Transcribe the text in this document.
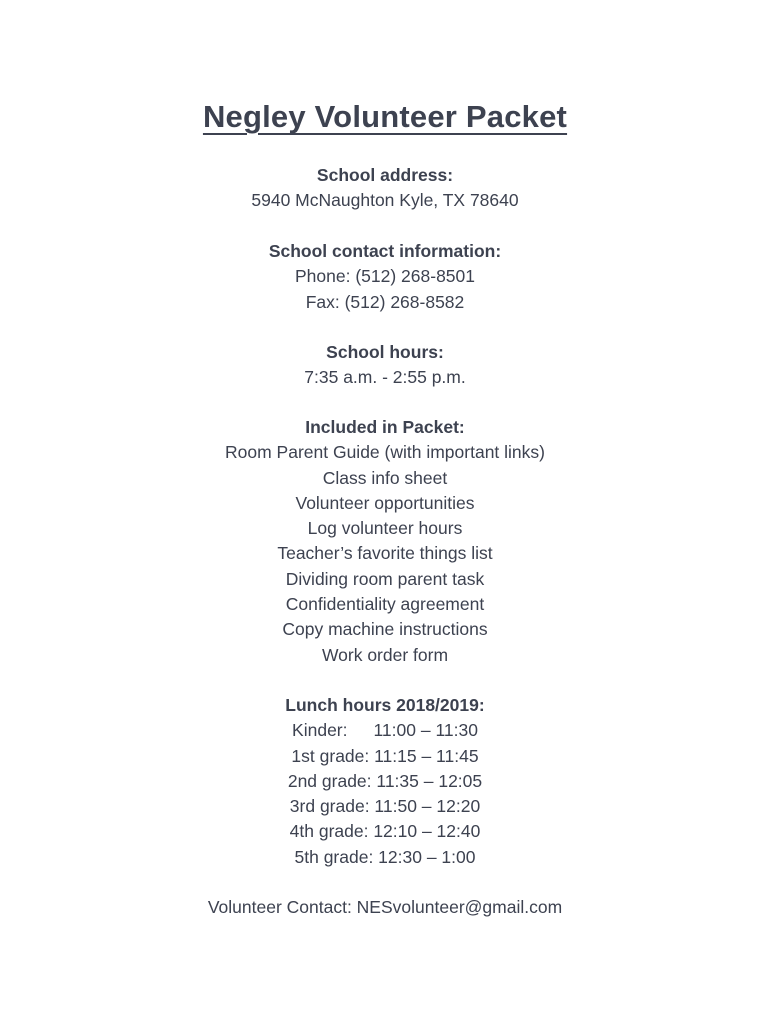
Negley Volunteer Packet
School address:
5940 McNaughton Kyle, TX 78640
School contact information:
Phone: (512) 268-8501
Fax: (512) 268-8582
School hours:
7:35 a.m. - 2:55 p.m.
Included in Packet:
Room Parent Guide (with important links)
Class info sheet
Volunteer opportunities
Log volunteer hours
Teacher’s favorite things list
Dividing room parent task
Confidentiality agreement
Copy machine instructions
Work order form
Lunch hours 2018/2019:
Kinder: 11:00 – 11:30
1st grade: 11:15 – 11:45
2nd grade: 11:35 – 12:05
3rd grade: 11:50 – 12:20
4th grade: 12:10 – 12:40
5th grade: 12:30 – 1:00
Volunteer Contact: NESvolunteer@gmail.com
